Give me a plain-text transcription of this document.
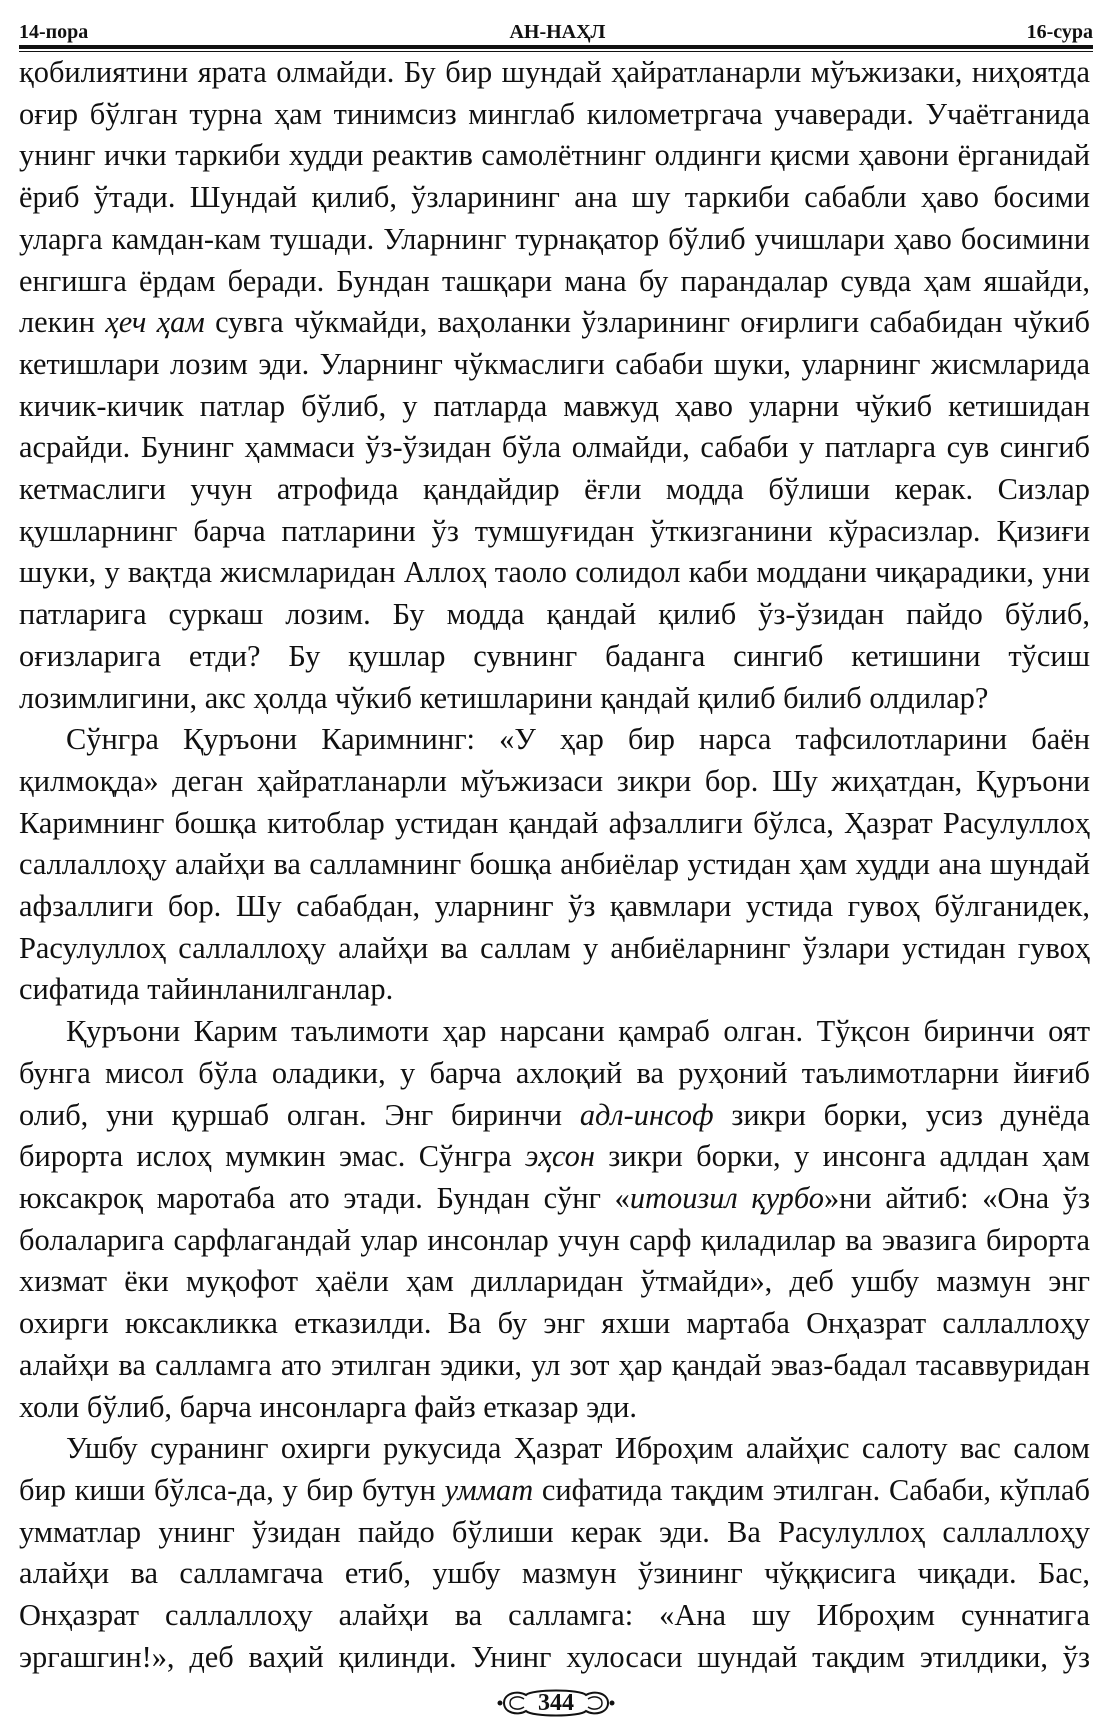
14-пора	АН-НАҲЛ	16-сура

қобилиятини ярата олмайди. Бу бир шундай ҳайратланарли мўъжизаки, ниҳоятда оғир бўлган турна ҳам тинимсиз минглаб километргача учаверади. Учаётганида унинг ички таркиби худди реактив самолётнинг олдинги қисми ҳавони ёрганидай ёриб ўтади. Шундай қилиб, ўзларининг ана шу таркиби сабабли ҳаво босими уларга камдан-кам тушади. Уларнинг турнақатор бўлиб учишлари ҳаво босимини енгишга ёрдам беради. Бундан ташқари мана бу парандалар сувда ҳам яшайди, лекин ҳеч ҳам сувга чўкмайди, ваҳоланки ўзларининг оғирлиги сабабидан чўкиб кетишлари лозим эди. Уларнинг чўкмаслиги сабаби шуки, уларнинг жисмларида кичик-кичик патлар бўлиб, у патларда мавжуд ҳаво уларни чўкиб кетишидан асрайди. Бунинг ҳаммаси ўз-ўзидан бўла олмайди, сабаби у патларга сув сингиб кетмаслиги учун атрофида қандайдир ёғли модда бўлиши керак. Сизлар қушларнинг барча патларини ўз тумшуғидан ўткизганини кўрасизлар. Қизиғи шуки, у вақтда жисмларидан Аллоҳ таоло солидол каби моддани чиқарадики, уни патларига суркаш лозим. Бу модда қандай қилиб ўз-ўзидан пайдо бўлиб, оғизларига етди? Бу қушлар сувнинг баданга сингиб кетишини тўсиш лозимлигини, акс ҳолда чўкиб кетишларини қандай қилиб билиб олдилар?

Сўнгра Қуръони Каримнинг: «У ҳар бир нарса тафсилотларини баён қилмоқда» деган ҳайратланарли мўъжизаси зикри бор. Шу жиҳатдан, Қуръони Каримнинг бошқа китоблар устидан қандай афзаллиги бўлса, Ҳазрат Расулуллоҳ саллаллоҳу алайҳи ва салламнинг бошқа анбиёлар устидан ҳам худди ана шундай афзаллиги бор. Шу сабабдан, уларнинг ўз қавмлари устида гувоҳ бўлганидек, Расулуллоҳ саллаллоҳу алайҳи ва саллам у анбиёларнинг ўзлари устидан гувоҳ сифатида тайинланилганлар.

Қуръони Карим таълимоти ҳар нарсани қамраб олган. Тўқсон биринчи оят бунга мисол бўла оладики, у барча ахлоқий ва руҳоний таълимотларни йиғиб олиб, уни қуршаб олган. Энг биринчи адл-инсоф зикри борки, усиз дунёда бирорта ислоҳ мумкин эмас. Сўнгра эҳсон зикри борки, у инсонга адлдан ҳам юксакроқ маротаба ато этади. Бундан сўнг «итоизил қурбо»ни айтиб: «Она ўз болаларига сарфлагандай улар инсонлар учун сарф қиладилар ва эвазига бирорта хизмат ёки муқофот ҳаёли ҳам дилларидан ўтмайди», деб ушбу мазмун энг охирги юксакликка етказилди. Ва бу энг яхши мартаба Онҳазрат саллаллоҳу алайҳи ва салламга ато этилган эдики, ул зот ҳар қандай эваз-бадал тасаввуридан холи бўлиб, барча инсонларга файз етказар эди.

Ушбу суранинг охирги рукусида Ҳазрат Иброҳим алайҳис салоту вас салом бир киши бўлса-да, у бир бутун уммат сифатида тақдим этилган. Сабаби, кўплаб умматлар унинг ўзидан пайдо бўлиши керак эди. Ва Расулуллоҳ саллаллоҳу алайҳи ва салламгача етиб, ушбу мазмун ўзининг чўққисига чиқади. Бас, Онҳазрат саллаллоҳу алайҳи ва салламга: «Ана шу Иброҳим суннатига эргашгин!», деб ваҳий қилинди. Унинг хулосаси шундай тақдим этилдики, ўз

344
